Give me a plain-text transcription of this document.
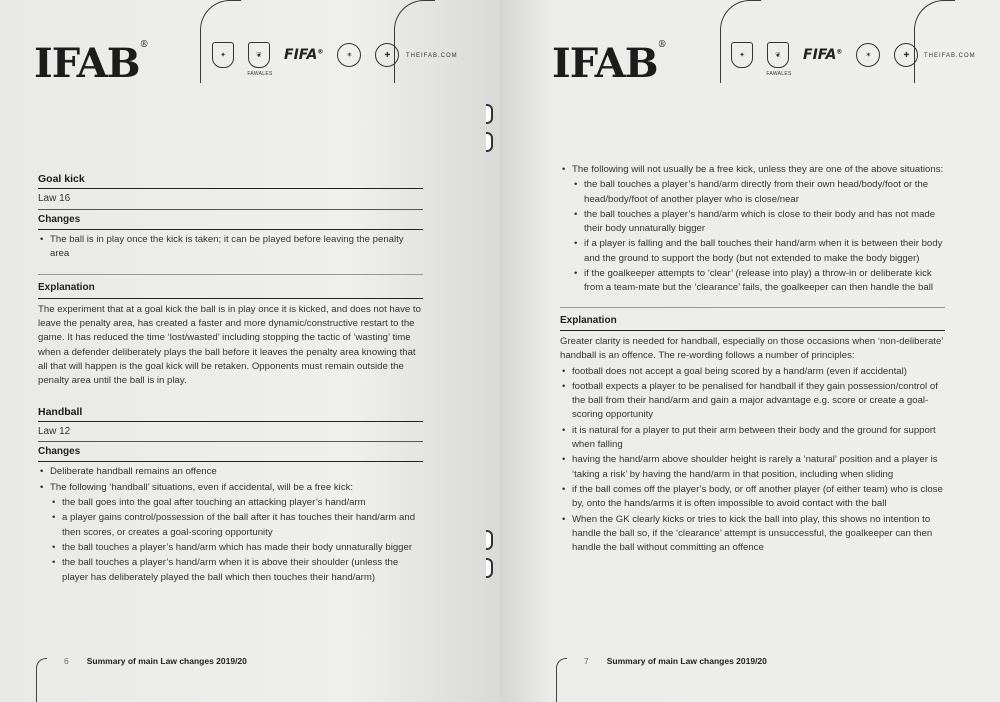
IFAB®
✦	❦
FAWALES
FIFA®
✶	✚	THEIFAB.COM
Goal kick
Law 16
Changes
• The ball is in play once the kick is taken; it can be played before leaving the penalty area
Explanation
The experiment that at a goal kick the ball is in play once it is kicked, and does not have to leave the penalty area, has created a faster and more dynamic/constructive restart to the game. It has reduced the time ‘lost/wasted’ including stopping the tactic of ‘wasting’ time when a defender deliberately plays the ball before it leaves the penalty area knowing that all that will happen is the goal kick will be retaken. Opponents must remain outside the penalty area until the ball is in play.
Handball
Law 12
Changes
• Deliberate handball remains an offence
• The following ‘handball’ situations, even if accidental, will be a free kick:
• the ball goes into the goal after touching an attacking player’s hand/arm
• a player gains control/possession of the ball after it has touches their hand/arm and then scores, or creates a goal-scoring opportunity
• the ball touches a player’s hand/arm which has made their body unnaturally bigger
• the ball touches a player’s hand/arm when it is above their shoulder (unless the player has deliberately played the ball which then touches their hand/arm)
6 Summary of main Law changes 2019/20
IFAB®
✦	❦
FAWALES
FIFA®
✶	✚	THEIFAB.COM
• The following will not usually be a free kick, unless they are one of the above situations:
• the ball touches a player’s hand/arm directly from their own head/body/foot or the head/body/foot of another player who is close/near
• the ball touches a player’s hand/arm which is close to their body and has not made their body unnaturally bigger
• if a player is falling and the ball touches their hand/arm when it is between their body and the ground to support the body (but not extended to make the body bigger)
• if the goalkeeper attempts to ‘clear’ (release into play) a throw-in or deliberate kick from a team-mate but the ‘clearance’ fails, the goalkeeper can then handle the ball
Explanation
Greater clarity is needed for handball, especially on those occasions when ‘non-deliberate’ handball is an offence. The re-wording follows a number of principles:
• football does not accept a goal being scored by a hand/arm (even if accidental)
• football expects a player to be penalised for handball if they gain possession/control of the ball from their hand/arm and gain a major advantage e.g. score or create a goal-scoring opportunity
• it is natural for a player to put their arm between their body and the ground for support when falling
• having the hand/arm above shoulder height is rarely a ‘natural’ position and a player is ‘taking a risk’ by having the hand/arm in that position, including when sliding
• if the ball comes off the player’s body, or off another player (of either team) who is close by, onto the hands/arms it is often impossible to avoid contact with the ball
• When the GK clearly kicks or tries to kick the ball into play, this shows no intention to handle the ball so, if the ‘clearance’ attempt is unsuccessful, the goalkeeper can then handle the ball without committing an offence
7 Summary of main Law changes 2019/20
